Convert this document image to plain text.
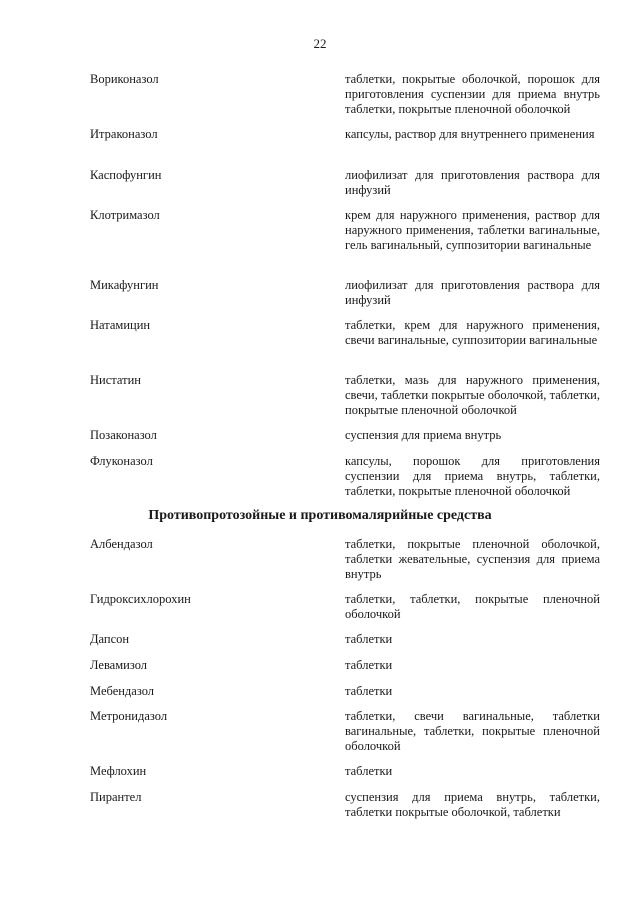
22
Вориконазол	таблетки, покрытые оболочкой, порошок для приготовления суспензии для приема внутрь таблетки, покрытые пленочной оболочкой
Итраконазол	капсулы, раствор для внутреннего применения
Каспофунгин	лиофилизат для приготовления раствора для инфузий
Клотримазол	крем для наружного применения, раствор для наружного применения, таблетки вагинальные, гель вагинальный, суппозитории вагинальные
Микафунгин	лиофилизат для приготовления раствора для инфузий
Натамицин	таблетки, крем для наружного применения, свечи вагинальные, суппозитории вагинальные
Нистатин	таблетки, мазь для наружного применения, свечи, таблетки покрытые оболочкой, таблетки, покрытые пленочной оболочкой
Позаконазол	суспензия для приема внутрь
Флуконазол	капсулы, порошок для приготовления суспензии для приема внутрь, таблетки, таблетки, покрытые пленочной оболочкой
Албендазол	таблетки, покрытые пленочной оболочкой, таблетки жевательные, суспензия для приема внутрь
Гидроксихлорохин	таблетки, таблетки, покрытые пленочной оболочкой
Дапсон	таблетки
Левамизол	таблетки
Мебендазол	таблетки
Метронидазол	таблетки, свечи вагинальные, таблетки вагинальные, таблетки, покрытые пленочной оболочкой
Мефлохин	таблетки
Пирантел	суспензия для приема внутрь, таблетки, таблетки покрытые оболочкой, таблетки
Противопротозойные и противомалярийные средства
